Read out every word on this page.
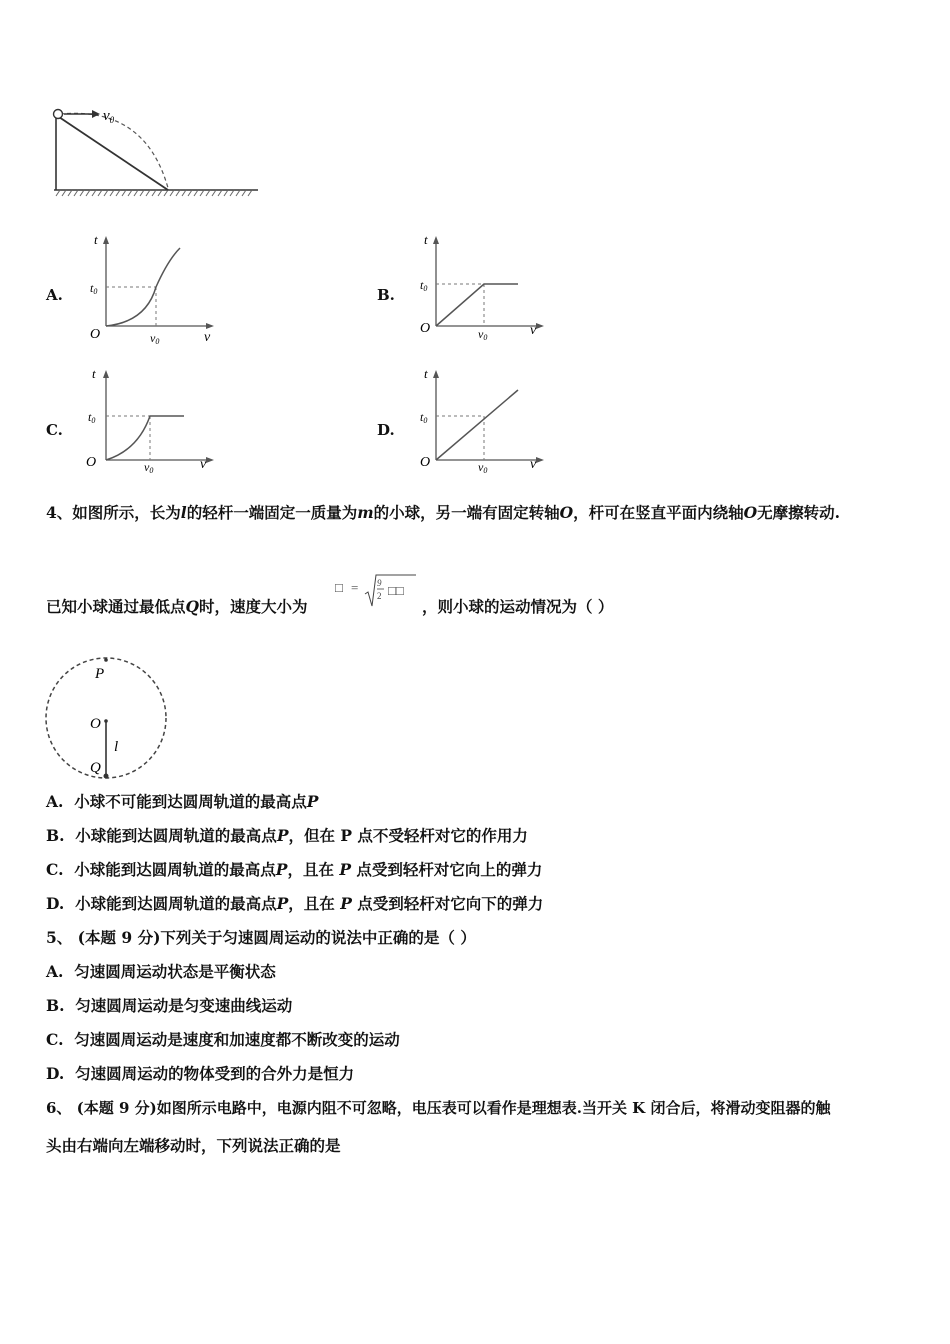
$v_0$
A.	B.
C.	D.
t
t0
O	v0	v
t
t0
O	v0	v
t
t0
O	v0	v
t
t0
O	v0	v
4、如图所示，长为l的轻杆一端固定一质量为m的小球，另一端有固定转轴O，杆可在竖直平面内绕轴O无摩擦转动.
已知小球通过最低点Q时，速度大小为
□ = 9
2 □□
，则小球的运动情况为（ ）
P
O
l
Q
A. 小球不可能到达圆周轨道的最高点P
B. 小球能到达圆周轨道的最高点P，但在 P 点不受轻杆对它的作用力
C. 小球能到达圆周轨道的最高点P，且在 P 点受到轻杆对它向上的弹力
D. 小球能到达圆周轨道的最高点P，且在 P 点受到轻杆对它向下的弹力
5、 (本题 9 分)下列关于匀速圆周运动的说法中正确的是（ ）
A. 匀速圆周运动状态是平衡状态
B. 匀速圆周运动是匀变速曲线运动
C. 匀速圆周运动是速度和加速度都不断改变的运动
D. 匀速圆周运动的物体受到的合外力是恒力
6、 (本题 9 分)如图所示电路中，电源内阻不可忽略，电压表可以看作是理想表.当开关 K 闭合后，将滑动变阻器的触
头由右端向左端移动时，下列说法正确的是
